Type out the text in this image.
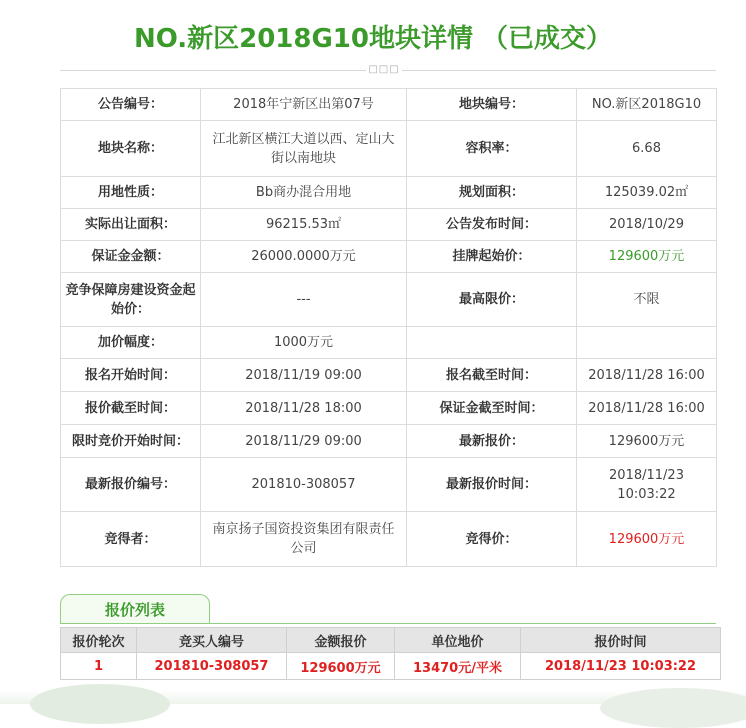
NO.新区2018G10地块详情 （已成交）
□□□
公告编号：	2018年宁新区出第07号	地块编号：	NO.新区2018G10
地块名称：	江北新区横江大道以西、定山大街以南地块	容积率：	6.68
用地性质：	Bb商办混合用地	规划面积：	125039.02㎡
实际出让面积：	96215.53㎡	公告发布时间：	2018/10/29
保证金金额：	26000.0000万元	挂牌起始价：	129600万元
竞争保障房建设资金起始价：	---	最高限价：	不限
加价幅度：	1000万元		
报名开始时间：	2018/11/19 09:00	报名截至时间：	2018/11/28 16:00
报价截至时间：	2018/11/28 18:00	保证金截至时间：	2018/11/28 16:00
限时竞价开始时间：	2018/11/29 09:00	最新报价：	129600万元
最新报价编号：	201810-308057	最新报价时间：	2018/11/23 10:03:22
竞得者：	南京扬子国资投资集团有限责任公司	竞得价：	129600万元
报价列表
报价轮次	竞买人编号	金额报价	单位地价	报价时间
1	201810-308057	129600万元	13470元/平米	2018/11/23 10:03:22
